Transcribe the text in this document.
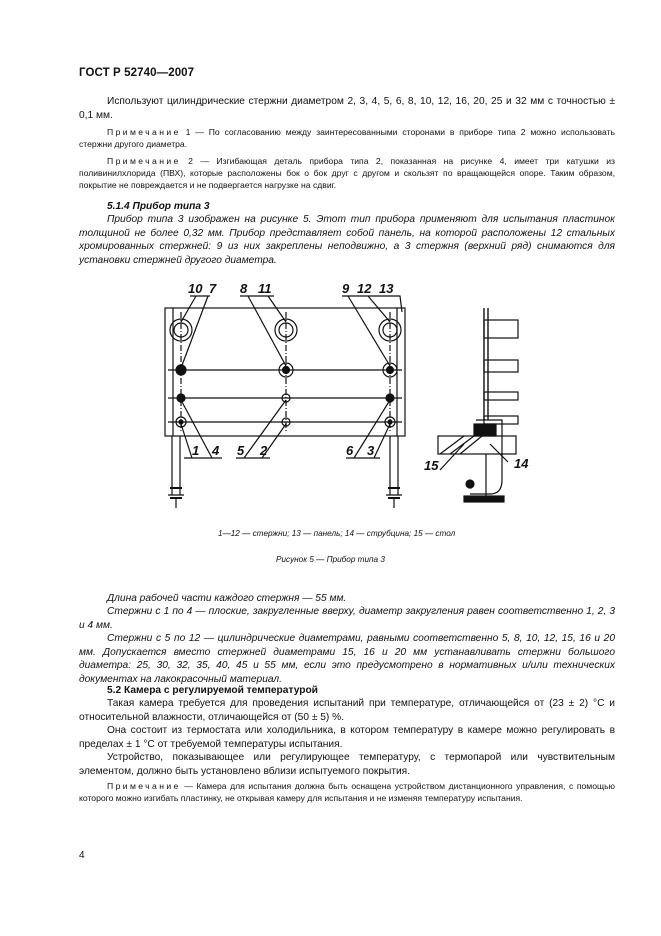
ГОСТ Р 52740—2007
Используют цилиндрические стержни диаметром 2, 3, 4, 5, 6, 8, 10, 12, 16, 20, 25 и 32 мм с точностью ± 0,1 мм.
Примечание 1 — По согласованию между заинтересованными сторонами в приборе типа 2 можно использовать стержни другого диаметра.
Примечание 2 — Изгибающая деталь прибора типа 2, показанная на рисунке 4, имеет три катушки из поливинилхлорида (ПВХ), которые расположены бок о бок друг с другом и скользят по вращающейся опоре. Таким образом, покрытие не повреждается и не подвергается нагрузке на сдвиг.
5.1.4 Прибор типа 3
Прибор типа 3 изображен на рисунке 5. Этот тип прибора применяют для испытания пластинок толщиной не более 0,32 мм. Прибор представляет собой панель, на которой расположены 12 стальных хромированных стержней: 9 из них закреплены неподвижно, а 3 стержня (верхний ряд) снимаются для установки стержней другого диаметра.
10 7 8 11	9 12 13
1 4 5 2	6 3
15	14
1—12 — стержни; 13 — панель; 14 — струбцина; 15 — стол
Рисунок 5 — Прибор типа 3
Длина рабочей части каждого стержня — 55 мм.
Стержни с 1 по 4 — плоские, закругленные вверху, диаметр закругления равен соответственно 1, 2, 3 и 4 мм.
Стержни с 5 по 12 — цилиндрические диаметрами, равными соответственно 5, 8, 10, 12, 15, 16 и 20 мм. Допускается вместо стержней диаметрами 15, 16 и 20 мм устанавливать стержни большого диаметра: 25, 30, 32, 35, 40, 45 и 55 мм, если это предусмотрено в нормативных и/или технических документах на лакокрасочный материал.
5.2 Камера с регулируемой температурой
Такая камера требуется для проведения испытаний при температуре, отличающейся от (23 ± 2) °С и относительной влажности, отличающейся от (50 ± 5) %.
Она состоит из термостата или холодильника, в котором температуру в камере можно регулировать в пределах ± 1 °С от требуемой температуры испытания.
Устройство, показывающее или регулирующее температуру, с термопарой или чувствительным элементом, должно быть установлено вблизи испытуемого покрытия.
Примечание — Камера для испытания должна быть оснащена устройством дистанционного управления, с помощью которого можно изгибать пластинку, не открывая камеру для испытания и не изменяя температуру испытания.
4
